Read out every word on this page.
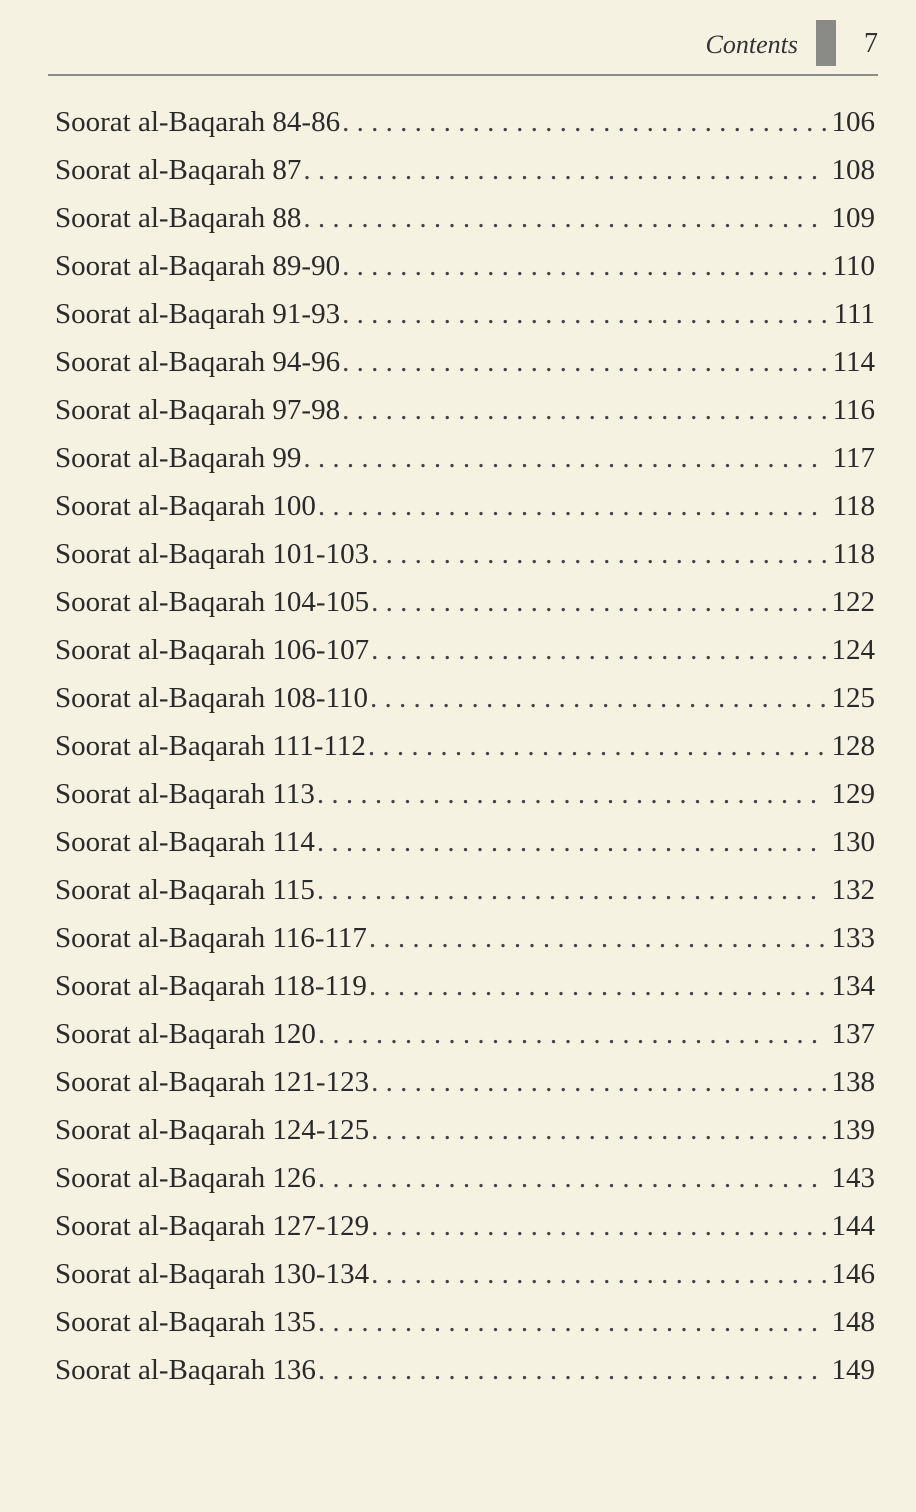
Contents 7
Soorat al-Baqarah 84-86 . . .	106
Soorat al-Baqarah 87 . . .	108
Soorat al-Baqarah 88 . . .	109
Soorat al-Baqarah 89-90 . . .	110
Soorat al-Baqarah 91-93 . . .	111
Soorat al-Baqarah 94-96 . . .	114
Soorat al-Baqarah 97-98 . . .	116
Soorat al-Baqarah 99 . . .	117
Soorat al-Baqarah 100 . . .	118
Soorat al-Baqarah 101-103 . . .	118
Soorat al-Baqarah 104-105 . . .	122
Soorat al-Baqarah 106-107 . . .	124
Soorat al-Baqarah 108-110 . . .	125
Soorat al-Baqarah 111-112 . . .	128
Soorat al-Baqarah 113 . . .	129
Soorat al-Baqarah 114 . . .	130
Soorat al-Baqarah 115 . . .	132
Soorat al-Baqarah 116-117 . . .	133
Soorat al-Baqarah 118-119 . . .	134
Soorat al-Baqarah 120 . . .	137
Soorat al-Baqarah 121-123 . . .	138
Soorat al-Baqarah 124-125 . . .	139
Soorat al-Baqarah 126 . . .	143
Soorat al-Baqarah 127-129 . . .	144
Soorat al-Baqarah 130-134 . . .	146
Soorat al-Baqarah 135 . . .	148
Soorat al-Baqarah 136 . . .	149
